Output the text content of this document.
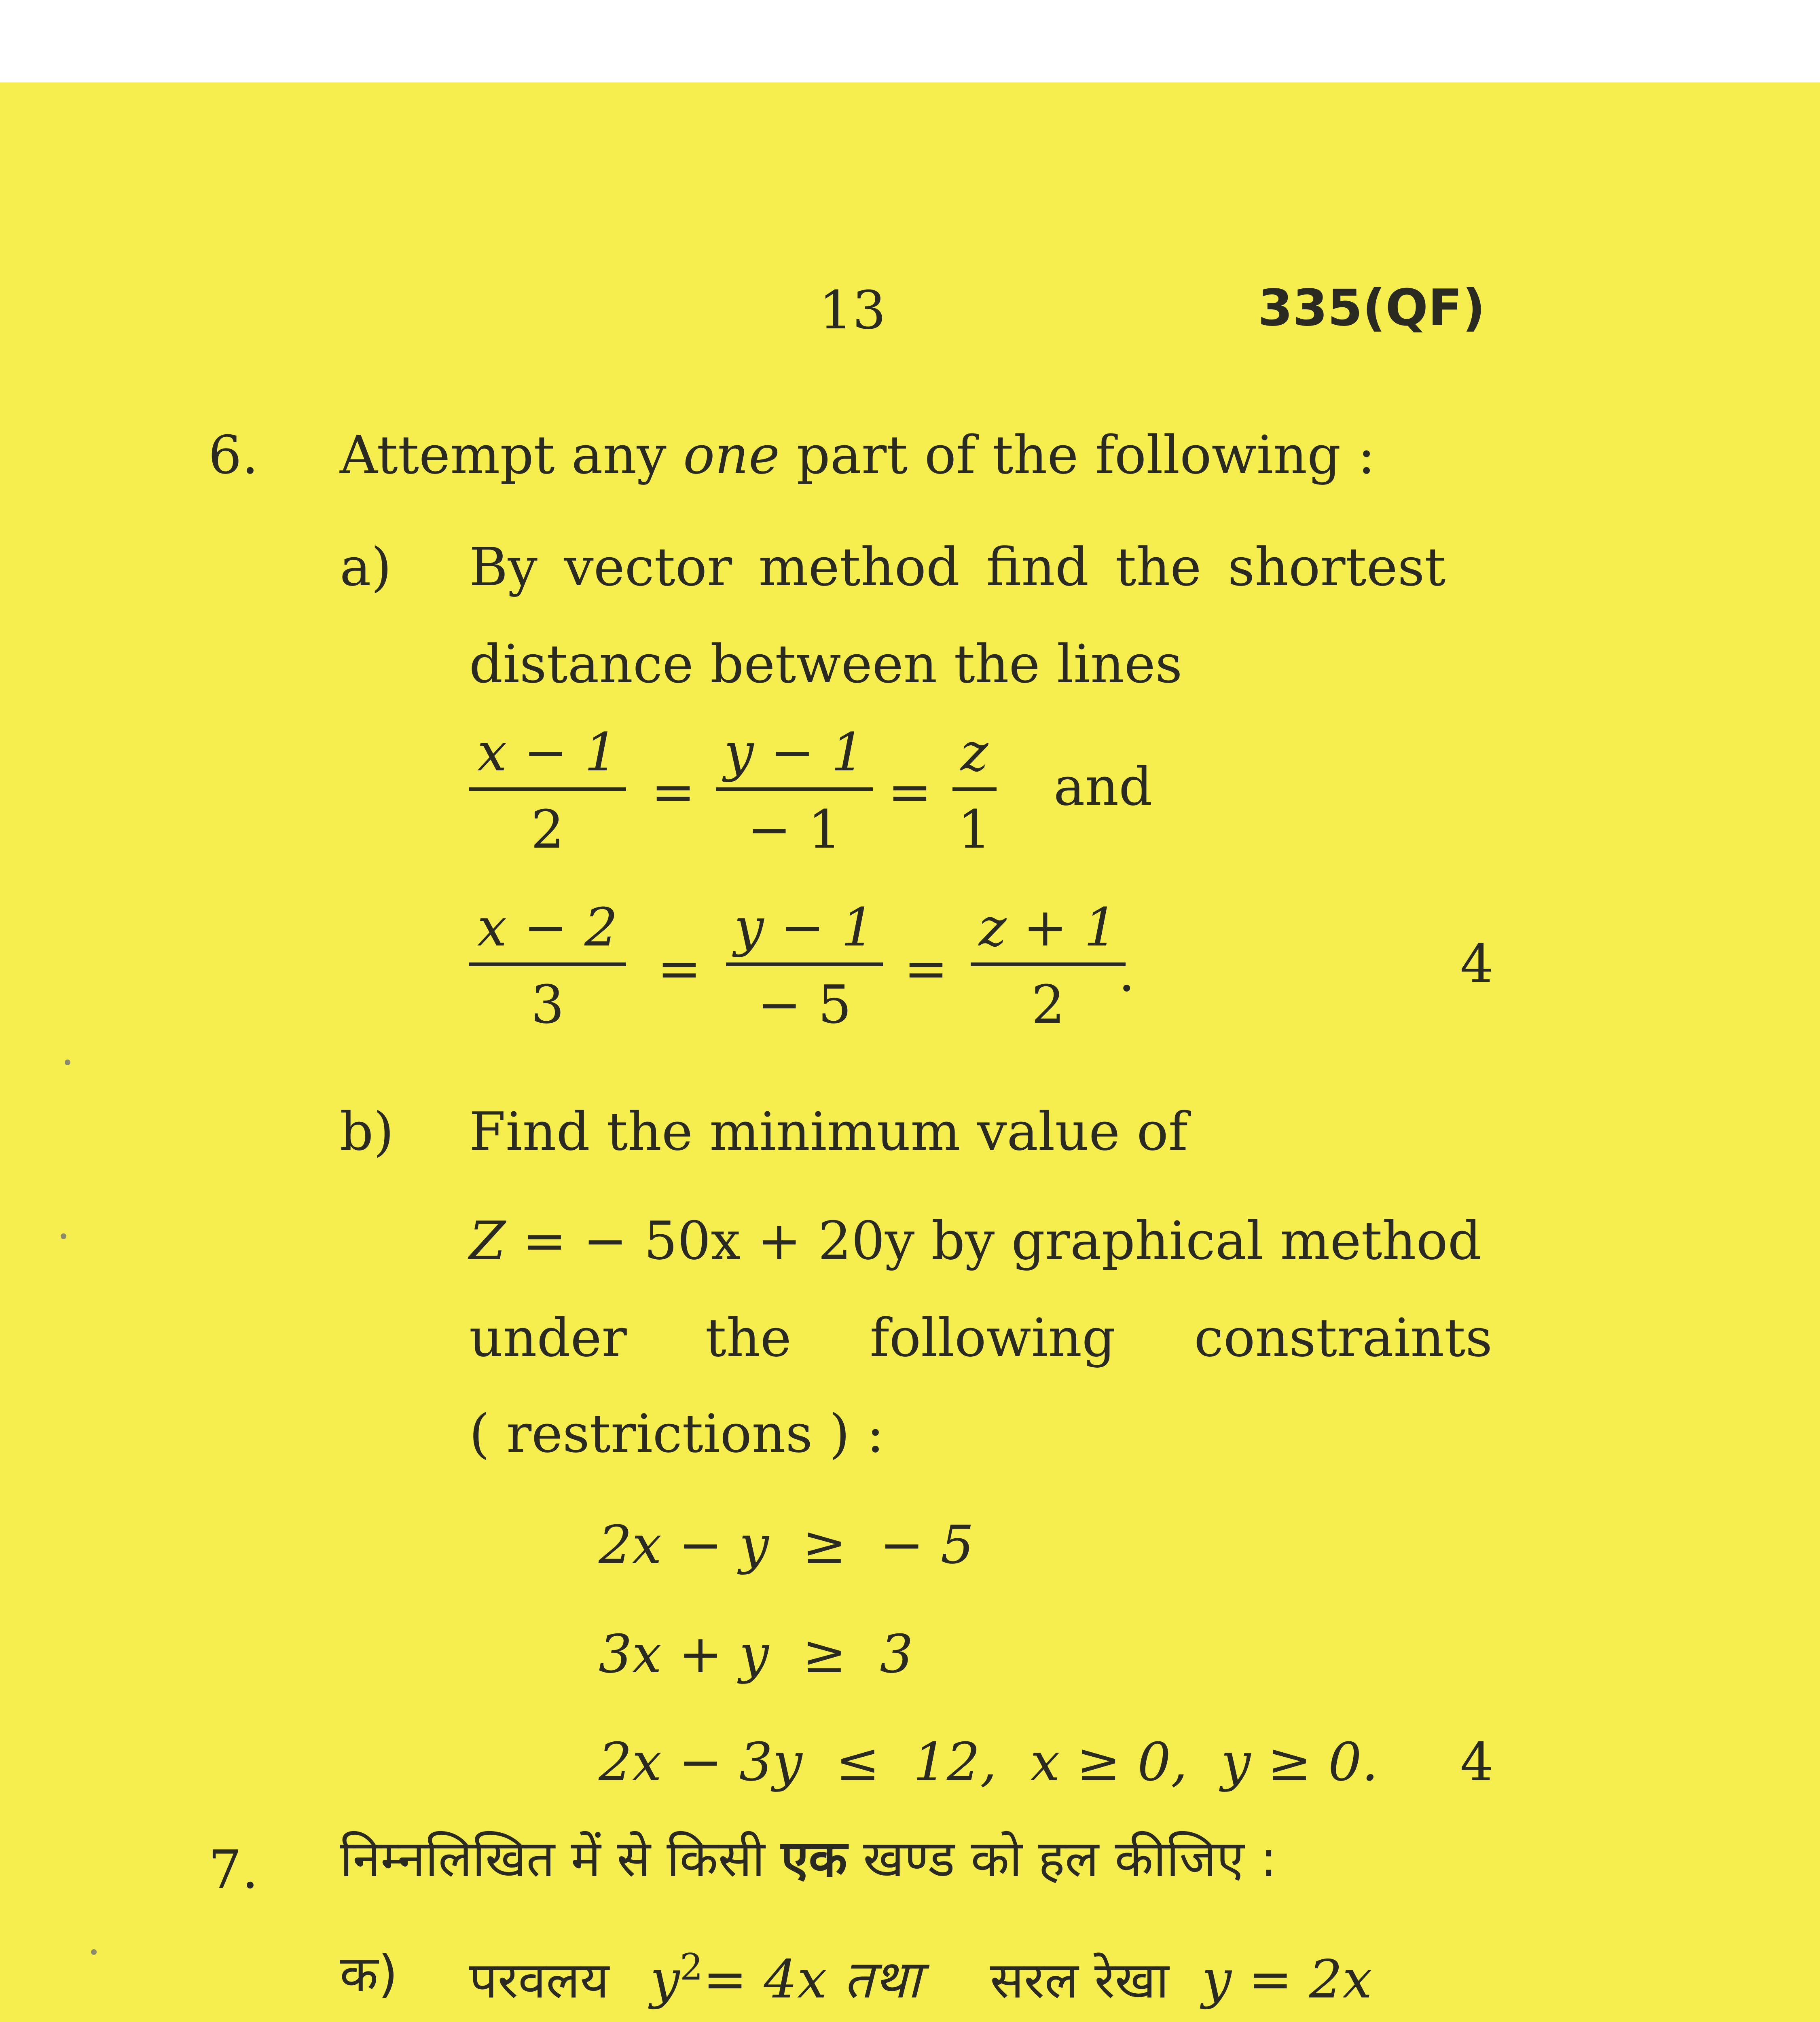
13	335(QF)
6. Attempt any one part of the following :
a) By vector method find the shortest
distance between the lines
$\frac{x - 1}{2} = \frac{y - 1}{- 1} = \frac{z}{1}$ and
$\frac{x - 2}{3} = \frac{y - 1}{- 5} = \frac{z + 1}{2}$
.	4
b) Find the minimum value of
Z = − 50x + 20y by graphical method
under the following constraints
( restrictions ) :
2x − y  ≥  − 5
3x + y  ≥  3
2x − 3y  ≤  12,  x ≥ 0,  y ≥ 0. 4
7. निम्नलिखित में से किसी एक खण्ड को हल कीजिए :
क) परवलय $y^2= 4x$ तथा सरल रेखा y = 2x
